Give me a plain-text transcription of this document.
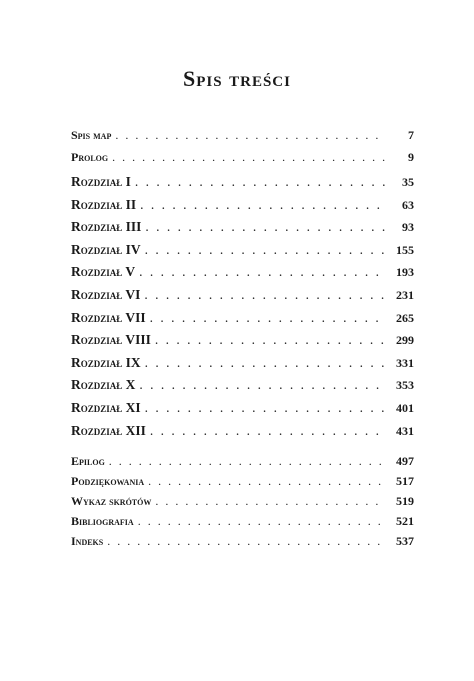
Spis treści
Spis map . . .	7
Prolog . . .	9
Rozdział I . . .	35
Rozdział II . . .	63
Rozdział III . . .	93
Rozdział IV . . .	155
Rozdział V . . .	193
Rozdział VI . . .	231
Rozdział VII . . .	265
Rozdział VIII . . .	299
Rozdział IX . . .	331
Rozdział X . . .	353
Rozdział XI . . .	401
Rozdział XII . . .	431
Epilog . . .	497
Podziękowania . . .	517
Wykaz skrótów . . .	519
Bibliografia . . .	521
Indeks . . .	537
